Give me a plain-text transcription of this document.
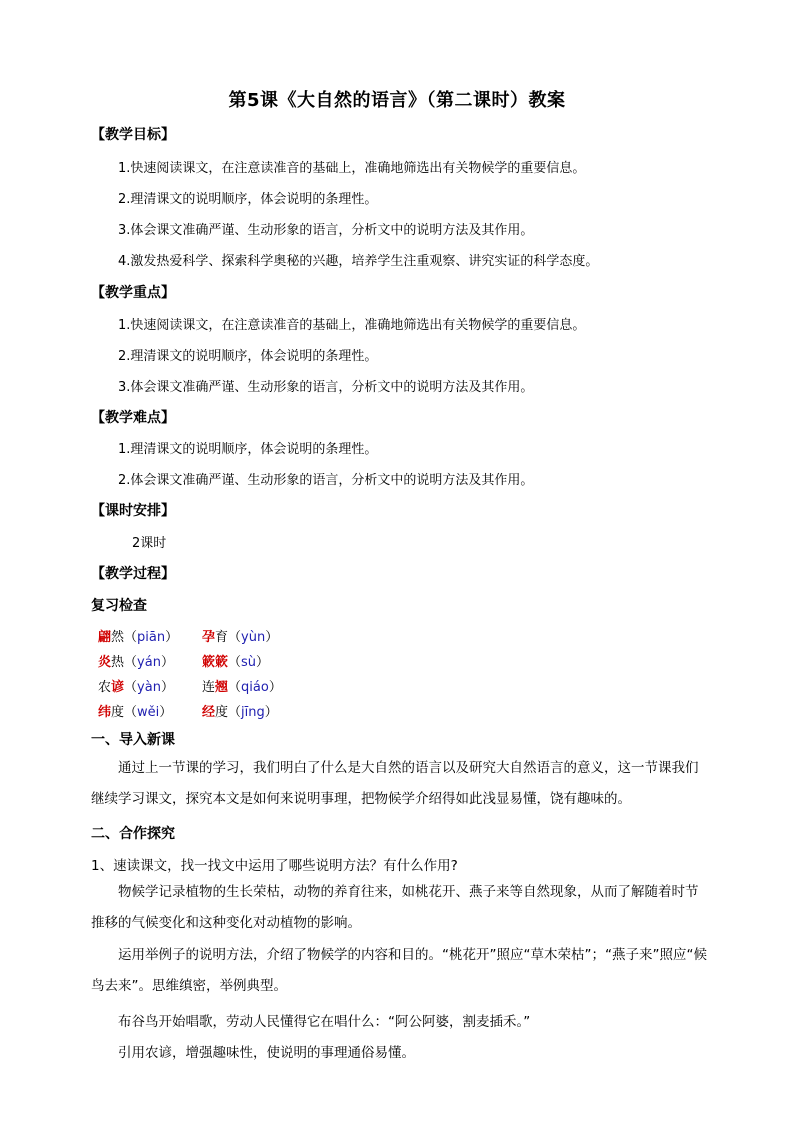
第5课《大自然的语言》（第二课时）教案
【教学目标】
1.快速阅读课文，在注意读准音的基础上，准确地筛选出有关物候学的重要信息。
2.理清课文的说明顺序，体会说明的条理性。
3.体会课文准确严谨、生动形象的语言，分析文中的说明方法及其作用。
4.激发热爱科学、探索科学奥秘的兴趣，培养学生注重观察、讲究实证的科学态度。
【教学重点】
1.快速阅读课文，在注意读准音的基础上，准确地筛选出有关物候学的重要信息。
2.理清课文的说明顺序，体会说明的条理性。
3.体会课文准确严谨、生动形象的语言，分析文中的说明方法及其作用。
【教学难点】
1.理清课文的说明顺序，体会说明的条理性。
2.体会课文准确严谨、生动形象的语言，分析文中的说明方法及其作用。
【课时安排】
2课时
【教学过程】
复习检查
翩然（piān） 孕育（yùn）
炎热（yán） 簌簌（sù）
农谚（yàn） 连翘（qiáo）
纬度（wěi） 经度（jīng）
一、导入新课
通过上一节课的学习，我们明白了什么是大自然的语言以及研究大自然语言的意义，这一节课我们继续学习课文，探究本文是如何来说明事理，把物候学介绍得如此浅显易懂，饶有趣味的。
二、合作探究
1、速读课文，找一找文中运用了哪些说明方法？有什么作用?
物候学记录植物的生长荣枯，动物的养育往来，如桃花开、燕子来等自然现象，从而了解随着时节推移的气候变化和这种变化对动植物的影响。
运用举例子的说明方法，介绍了物候学的内容和目的。“桃花开”照应“草木荣枯”；“燕子来”照应“候鸟去来”。思维缜密，举例典型。
布谷鸟开始唱歌，劳动人民懂得它在唱什么：“阿公阿婆，割麦插禾。”
引用农谚，增强趣味性，使说明的事理通俗易懂。
